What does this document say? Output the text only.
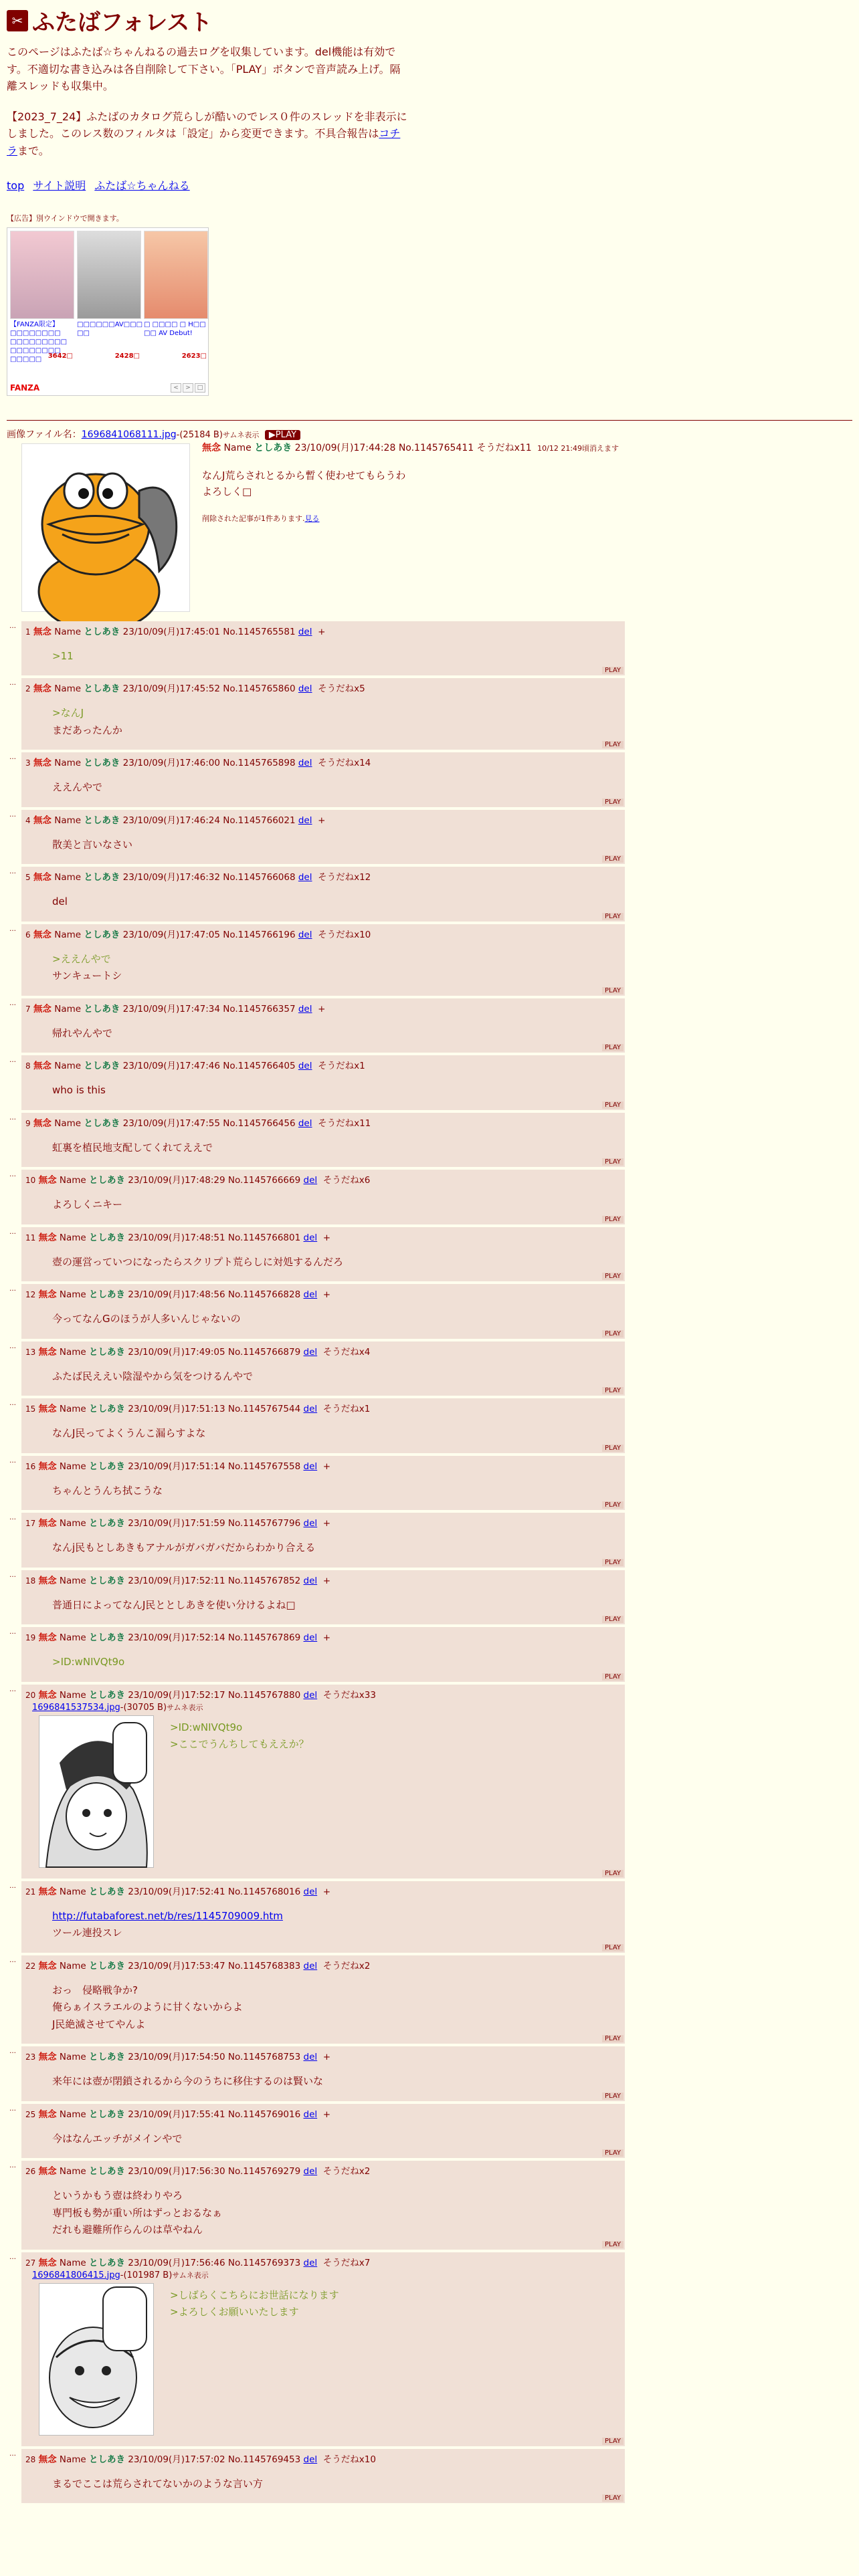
✂ ふたばフォレスト

このページはふたば☆ちゃんねるの過去ログを収集しています。del機能は有効です。不適切な書き込みは各自削除して下さい。「PLAY」ボタンで音声読み上げ。隔離スレッドも収集中。

【2023_7_24】ふたばのカタログ荒らしが酷いのでレス０件のスレッドを非表示にしました。このレス数のフィルタは「設定」から変更できます。不具合報告はコチラまで。

top サイト説明 ふたば☆ちゃんねる
【広告】別ウインドウで開きます。
【FANZA限定】□□□□□□□□ □□□□□□□□□ □□□□□□□□ □□□□□ 3642□
□□□□□□AV□□□ □□
2428□
□ □□□□ □ H□□ □□ AV Debut!
2623□
FANZA	<	>	□
画像ファイル名：1696841068111.jpg-(25184 B)サムネ表示 ▶PLAY
無念 Name としあき 23/10/09(月)17:44:28 No.1145765411 そうだねx11 10/12 21:49頃消えます
なんJ荒らされとるから暫く使わせてもらうわ
よろしく□
削除された記事が1件あります.見る
…
1 無念 Name としあき 23/10/09(月)17:45:01 No.1145765581 del +
>11
PLAY
…
2 無念 Name としあき 23/10/09(月)17:45:52 No.1145765860 del そうだねx5
>なんJ
まだあったんか
PLAY
…
3 無念 Name としあき 23/10/09(月)17:46:00 No.1145765898 del そうだねx14
ええんやで
PLAY
…
4 無念 Name としあき 23/10/09(月)17:46:24 No.1145766021 del +
散美と言いなさい
PLAY
…
5 無念 Name としあき 23/10/09(月)17:46:32 No.1145766068 del そうだねx12
del
PLAY
…
6 無念 Name としあき 23/10/09(月)17:47:05 No.1145766196 del そうだねx10
>ええんやで
サンキュートシ
PLAY
…
7 無念 Name としあき 23/10/09(月)17:47:34 No.1145766357 del +
帰れやんやで
PLAY
…
8 無念 Name としあき 23/10/09(月)17:47:46 No.1145766405 del そうだねx1
who is this
PLAY
…
9 無念 Name としあき 23/10/09(月)17:47:55 No.1145766456 del そうだねx11
虹裏を植民地支配してくれてええで
PLAY
…
10 無念 Name としあき 23/10/09(月)17:48:29 No.1145766669 del そうだねx6
よろしくニキー
PLAY
…
11 無念 Name としあき 23/10/09(月)17:48:51 No.1145766801 del +
壺の運営っていつになったらスクリプト荒らしに対処するんだろ
PLAY
…
12 無念 Name としあき 23/10/09(月)17:48:56 No.1145766828 del +
今ってなんGのほうが人多いんじゃないの
PLAY
…
13 無念 Name としあき 23/10/09(月)17:49:05 No.1145766879 del そうだねx4
ふたば民ええい陰湿やから気をつけるんやで
PLAY
…
15 無念 Name としあき 23/10/09(月)17:51:13 No.1145767544 del そうだねx1
なんJ民ってよくうんこ漏らすよな
PLAY
…
16 無念 Name としあき 23/10/09(月)17:51:14 No.1145767558 del +
ちゃんとうんち拭こうな
PLAY
…
17 無念 Name としあき 23/10/09(月)17:51:59 No.1145767796 del +
なんj民もとしあきもアナルがガバガバだからわかり合える
PLAY
…
18 無念 Name としあき 23/10/09(月)17:52:11 No.1145767852 del +
普通日によってなんJ民ととしあきを使い分けるよね□
PLAY
…
19 無念 Name としあき 23/10/09(月)17:52:14 No.1145767869 del +
>ID:wNIVQt9o
PLAY
…
20 無念 Name としあき 23/10/09(月)17:52:17 No.1145767880 del そうだねx33
1696841537534.jpg-(30705 B)サムネ表示
>ID:wNIVQt9o
>ここでうんちしてもええか？
PLAY
…
21 無念 Name としあき 23/10/09(月)17:52:41 No.1145768016 del +
http://futabaforest.net/b/res/1145709009.htm
ツール連投スレ
PLAY
…
22 無念 Name としあき 23/10/09(月)17:53:47 No.1145768383 del そうだねx2
おっ　侵略戦争か?
俺らぁイスラエルのように甘くないからよ
J民絶滅させてやんよ
PLAY
…
23 無念 Name としあき 23/10/09(月)17:54:50 No.1145768753 del +
来年には壺が閉鎖されるから今のうちに移住するのは賢いな
PLAY
…
25 無念 Name としあき 23/10/09(月)17:55:41 No.1145769016 del +
今はなんエッチがメインやで
PLAY
…
26 無念 Name としあき 23/10/09(月)17:56:30 No.1145769279 del そうだねx2
というかもう壺は終わりやろ
専門板も勢が重い所はずっとおるなぁ
だれも避難所作らんのは草やねん
PLAY
…
27 無念 Name としあき 23/10/09(月)17:56:46 No.1145769373 del そうだねx7
1696841806415.jpg-(101987 B)サムネ表示
>しばらくこちらにお世話になります
>よろしくお願いいたします
PLAY
…
28 無念 Name としあき 23/10/09(月)17:57:02 No.1145769453 del そうだねx10
まるでここは荒らされてないかのような言い方
PLAY
